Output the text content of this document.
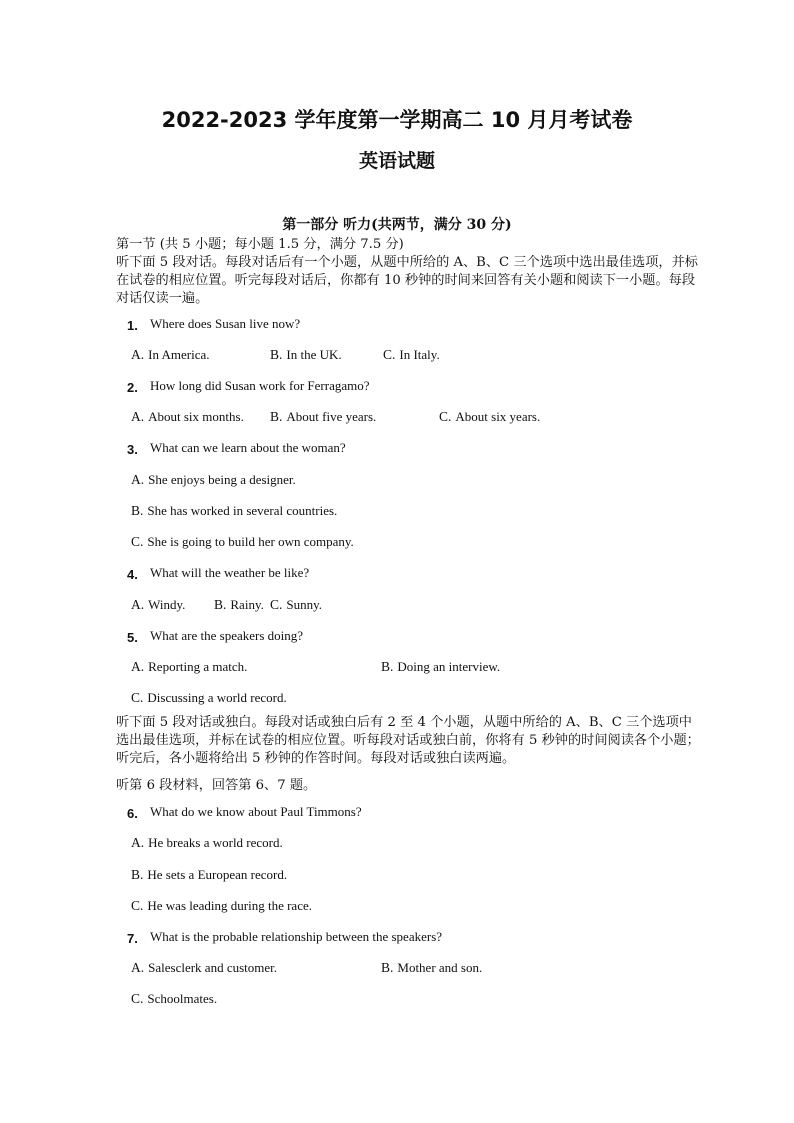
2022-2023 学年度第一学期高二 10 月月考试卷
英语试题
第一部分 听力(共两节，满分 30 分)
第一节 (共 5 小题；每小题 1.5 分，满分 7.5 分)
听下面 5 段对话。每段对话后有一个小题，从题中所给的 A、B、C 三个选项中选出最佳选项，并标在试卷的相应位置。听完每段对话后，你都有 10 秒钟的时间来回答有关小题和阅读下一小题。每段对话仅读一遍。
1. Where does Susan live now?
A. In America.	B. In the UK.	C. In Italy.
2. How long did Susan work for Ferragamo?
A. About six months. B. About five years.	C. About six years.
3. What can we learn about the woman?
A. She enjoys being a designer.
B. She has worked in several countries.
C. She is going to build her own company.
4. What will the weather be like?
A. Windy. B. Rainy. C. Sunny.
5. What are the speakers doing?
A. Reporting a match.	B. Doing an interview.
C. Discussing a world record.
听下面 5 段对话或独白。每段对话或独白后有 2 至 4 个小题，从题中所给的 A、B、C 三个选项中选出最佳选项，并标在试卷的相应位置。听每段对话或独白前，你将有 5 秒钟的时间阅读各个小题；听完后，各小题将给出 5 秒钟的作答时间。每段对话或独白读两遍。
听第 6 段材料，回答第 6、7 题。
6. What do we know about Paul Timmons?
A. He breaks a world record.
B. He sets a European record.
C. He was leading during the race.
7. What is the probable relationship between the speakers?
A. Salesclerk and customer.	B. Mother and son.
C. Schoolmates.
